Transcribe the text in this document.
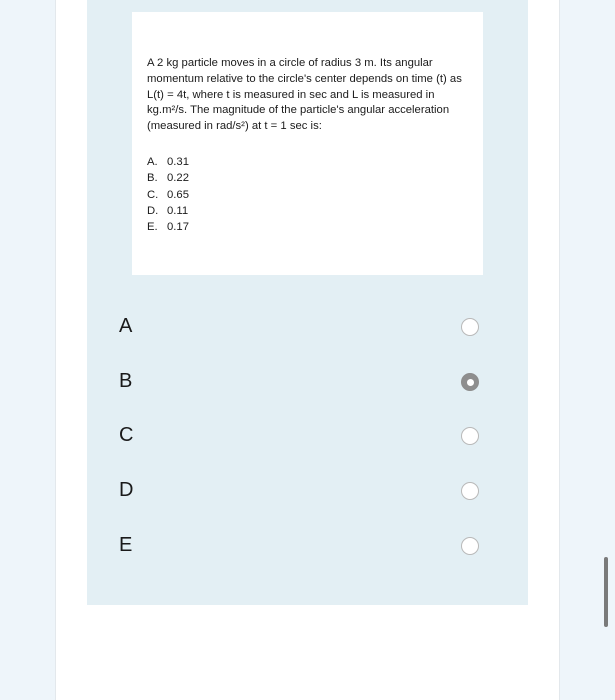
A 2 kg particle moves in a circle of radius 3 m. Its angular momentum relative to the circle's center depends on time (t) as L(t) = 4t, where t is measured in sec and L is measured in kg.m²/s. The magnitude of the particle's angular acceleration (measured in rad/s²) at t = 1 sec is:

A. 0.31
B. 0.22
C. 0.65
D. 0.11
E. 0.17
A
B
C
D
E
